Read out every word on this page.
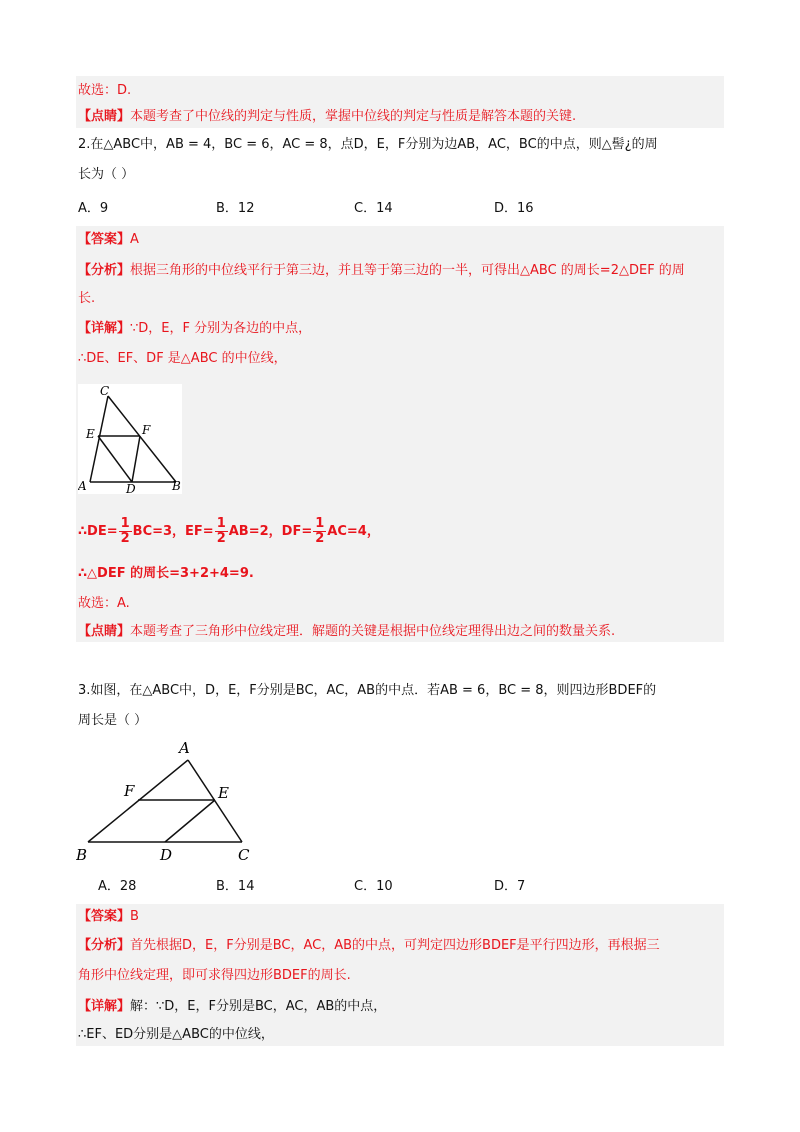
故选：D.
【点睛】本题考查了中位线的判定与性质，掌握中位线的判定与性质是解答本题的关键.
2.在△ABC中，AB = 4，BC = 6，AC = 8，点D，E，F分别为边AB，AC，BC的中点，则△髻¿的周
长为（ ）
A．9	B．12	C．14	D．16
【答案】A
【分析】根据三角形的中位线平行于第三边，并且等于第三边的一半，可得出△ABC 的周长=2△DEF 的周
长.
【详解】∵D，E，F 分别为各边的中点，
∴DE、EF、DF 是△ABC 的中位线，
C
E	F
A	D	B
∴DE= $\frac{1}{2} BC=3$，$EF= \frac{1}{2} AB=2$，$DF= \frac{1}{2} AC=4$，
∴△DEF 的周长=3+2+4=9.
故选：A.
【点睛】本题考查了三角形中位线定理．解题的关键是根据中位线定理得出边之间的数量关系.
3.如图，在△ABC中，D，E，F分别是BC，AC，AB的中点．若AB = 6，BC = 8，则四边形BDEF的
周长是（ ）
A
F	E
B	D	C
A．28	B．14	C．10	D．7
【答案】B
【分析】首先根据D，E，F分别是BC，AC，AB的中点，可判定四边形BDEF是平行四边形，再根据三
角形中位线定理，即可求得四边形BDEF的周长.
【详解】解：∵D，E，F分别是BC，AC，AB的中点，
∴EF、ED分别是△ABC的中位线，
